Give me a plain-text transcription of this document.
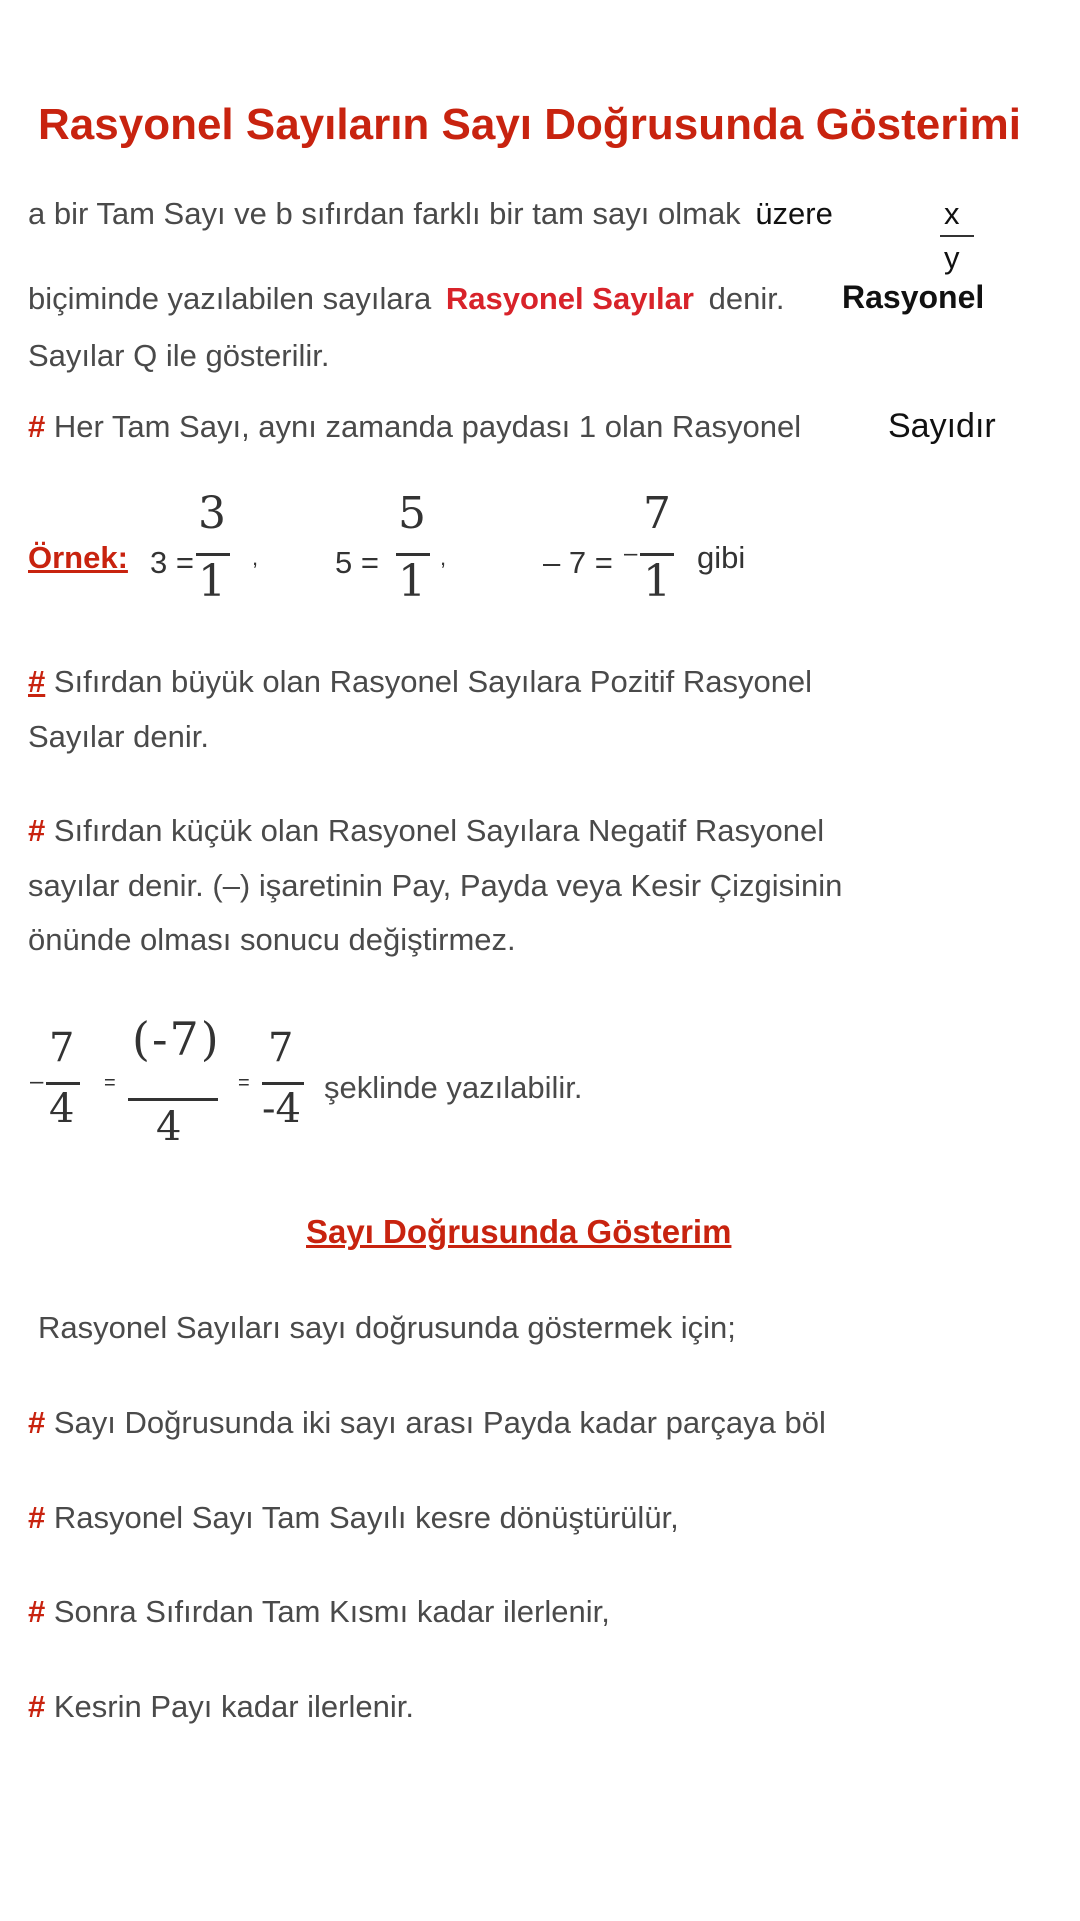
Rasyonel Sayıların Sayı Doğrusunda Gösterimi
a bir Tam Sayı ve b sıfırdan farklı bir tam sayı olmak üzere	x
y
biçiminde yazılabilen sayılara Rasyonel Sayılar denir. Rasyonel
Sayılar Q ile gösterilir.
# Her Tam Sayı, aynı zamanda paydası 1 olan Rasyonel	Sayıdır
Örnek: 3 =
3
1 , 5 =
5
1 ,	– 7 = –
7
1 gibi
# Sıfırdan büyük olan Rasyonel Sayılara Pozitif Rasyonel
Sayılar denir.
# Sıfırdan küçük olan Rasyonel Sayılara Negatif Rasyonel
sayılar denir. (–) işaretinin Pay, Payda veya Kesir Çizgisinin
önünde olması sonucu değiştirmez.
–
7
4
=
(-7)
4
=
7
-4 şeklinde yazılabilir.
Sayı Doğrusunda Gösterim
Rasyonel Sayıları sayı doğrusunda göstermek için;
# Sayı Doğrusunda iki sayı arası Payda kadar parçaya böl
# Rasyonel Sayı Tam Sayılı kesre dönüştürülür,
# Sonra Sıfırdan Tam Kısmı kadar ilerlenir,
# Kesrin Payı kadar ilerlenir.
